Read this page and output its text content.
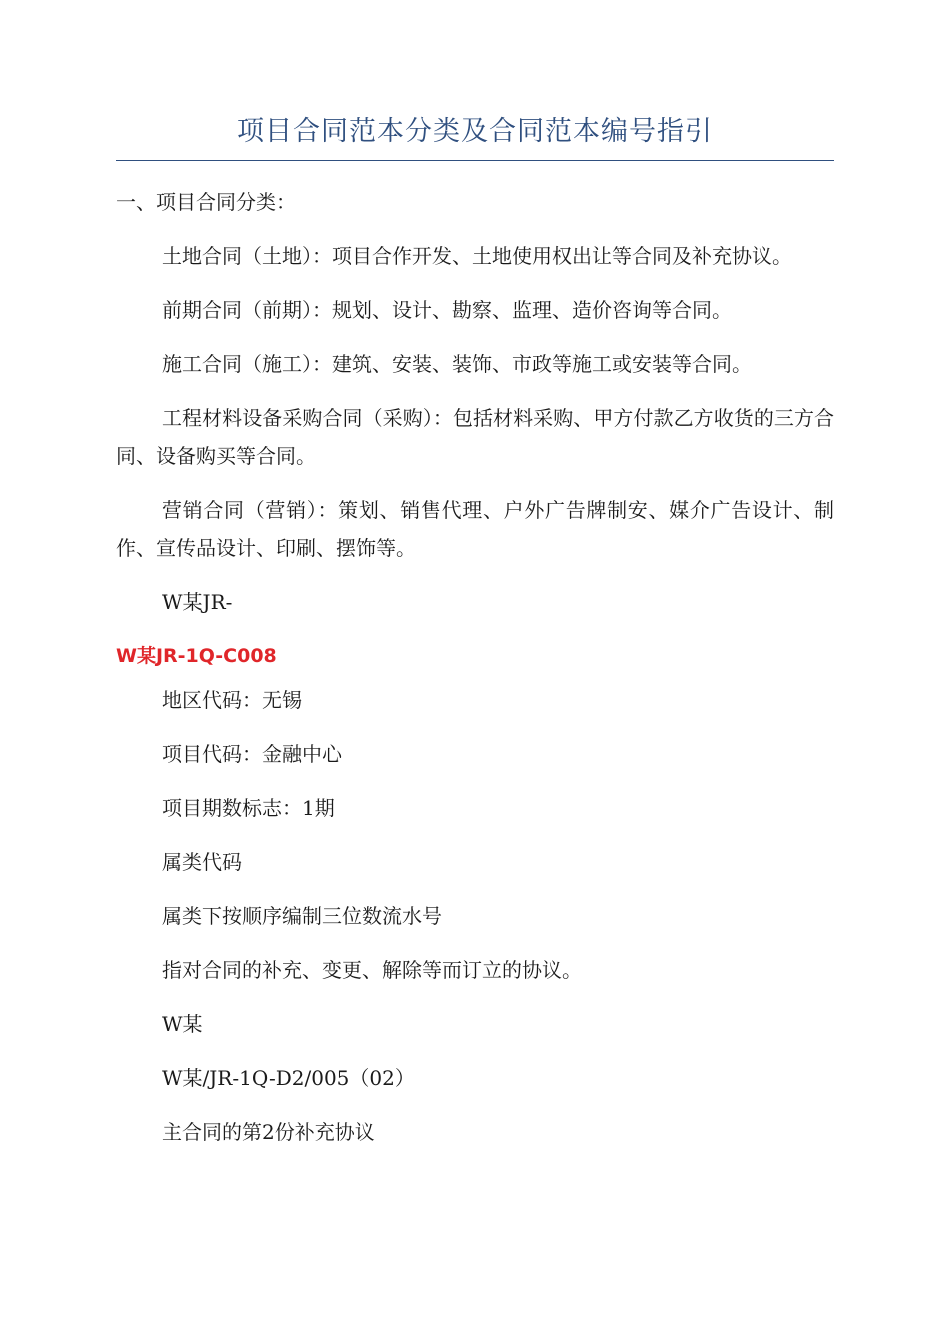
项目合同范本分类及合同范本编号指引

一、项目合同分类：

土地合同（土地）：项目合作开发、土地使用权出让等合同及补充协议。

前期合同（前期）：规划、设计、勘察、监理、造价咨询等合同。

施工合同（施工）：建筑、安装、装饰、市政等施工或安装等合同。

工程材料设备采购合同（采购）：包括材料采购、甲方付款乙方收货的三方合同、设备购买等合同。

营销合同（营销）：策划、销售代理、户外广告牌制安、媒介广告设计、制作、宣传品设计、印刷、摆饰等。

W某JR-

W某JR-1Q-C008

地区代码：无锡

项目代码：金融中心

项目期数标志：1期

属类代码

属类下按顺序编制三位数流水号

指对合同的补充、变更、解除等而订立的协议。

W某

W某/JR-1Q-D2/005（02）

主合同的第2份补充协议
